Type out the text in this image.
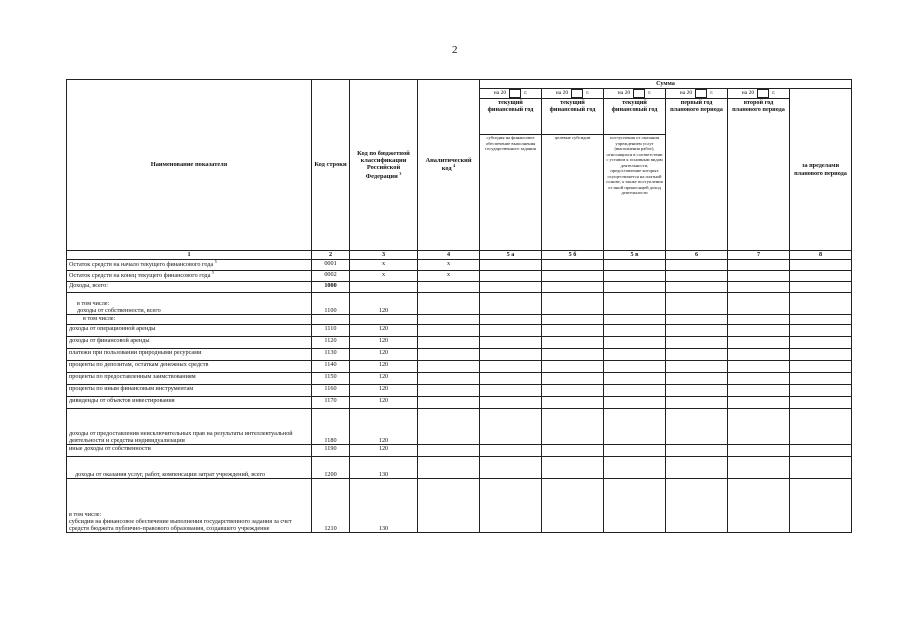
2
Наименование показателя	Код строки	Код по бюджетной классификации Российской Федерации $^3$	Аналитический код $^4$	Сумма					

				на 20 г.	на 20 г.	на 20 г.	на 20 г.	на 20 г.	за пределами планового периода
				текущий финансовый год	текущий финансовый год	текущий финансовый год	первый год планового периода	второй год планового периода	
				субсидия на финансовое обеспечение выполнения государственного задания	целевые субсидии	поступления от оказания учреждением услуг (выполнения работ), относящихся в соответствии с уставом к основным видам деятельности, предоставление которых осуществляется на платной основе, а также поступления от иной приносящей доход деятельности			
1	2	3	4	5 а	5 б	5 в	6	7	8
Остаток средств на начало текущего финансового года $^5$	0001	x	x						
Остаток средств на конец текущего финансового года $^5$	0002	x	x						
Доходы, всего:	1000								

в том числе:
доходы от собственности, всего	1100	120							
в том числе:									
доходы от операционной аренды	1110	120							
доходы от финансовой аренды	1120	120							
платежи при пользовании природными ресурсами	1130	120							
проценты по депозитам, остаткам денежных средств	1140	120							
проценты по предоставленным заимствованиям	1150	120							
проценты по иным финансовым инструментам	1160	120							
дивиденды от объектов инвестирования	1170	120							
доходы от предоставления неисключительных прав на результаты интеллектуальной деятельности и средства индивидуализации	1180	120							
иные доходы от собственности	1190	120							
доходы от оказания услуг, работ, компенсации затрат учреждений, всего	1200	130							

в том числе:
субсидии на финансовое обеспечение выполнения государственного задания за счет средств бюджета публично-правового образования, создавшего учреждение	1210	130							
